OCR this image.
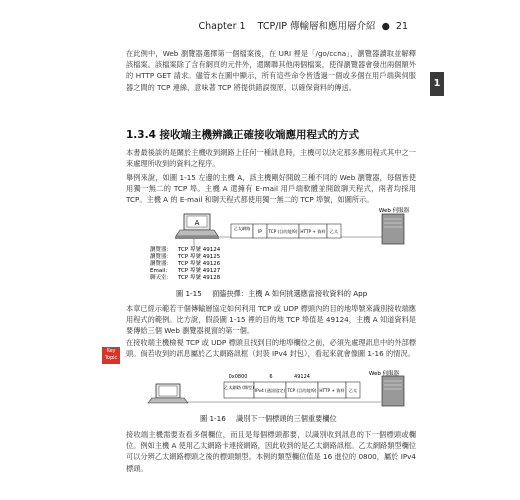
Chapter 1 TCP/IP 傳輸層和應用層介紹  ●  21
1
Key
Topic
在此例中，Web 瀏覽器選擇第一個檔案後，在 URI 裡是「/go/ccna」，瀏覽器讀取並解釋該檔案。該檔案除了含有網頁的元件外，還關聯其他兩個檔案，使得瀏覽器會發出兩個額外的 HTTP GET 請求。儘管未在圖中顯示，所有這些命令皆透過一個或多個在用戶端與伺服器之間的 TCP 連線，意味著 TCP 將提供錯誤復原，以確保資料的傳送。
1.3.4 接收端主機辨識正確接收端應用程式的方式
本書最後談的是關於主機收到網路上任何一種訊息時，主機可以決定那多應用程式其中之一來處理所收到的資料之程序。
舉例來說，如圖 1-15 左邊的主機 A，該主機剛好開啟三種不同的 Web 瀏覽器，每個皆使用獨一無二的 TCP 埠。主機 A 還擁有 E-mail 用戶端軟體並開啟聊天程式，兩者均採用 TCP。主機 A 的 E-mail 和聊天程式都使用獨一無二的 TCP 埠號，如圖所示。
A
乙太網路
IP TCP (目的地埠) HTTP + 資料 乙太
Web 伺服器
瀏覽器： TCP 埠號 49124
瀏覽器： TCP 埠號 49125
瀏覽器： TCP 埠號 49126
Email： TCP 埠號 49127
聊天室： TCP 埠號 49128
圖 1-15 面臨抉擇：主機 A 如何挑選應當接收資料的 App
本章已經示範若干個傳輸層協定如何利用 TCP 或 UDP 標頭內的目的地埠號來識別接收端應用程式的範例。比方說，假設圖 1-15 裡的目的地 TCP 埠值是 49124，主機 A 知道資料是要傳給三個 Web 瀏覽器視窗的第一個。
在接收端主機檢視 TCP 或 UDP 標頭且找到目的地埠欄位之前，必須先處理訊息中的外部標頭。倘若收到的訊息屬於乙太網路訊框（封裝 IPv4 封包），看起來就會像圖 1-16 的情況。
0x0800	6	49124
乙太網路 (類型)
IPv4 (通訊協定) TCP (目的地埠) HTTP + 資料 乙太
Web 伺服器
圖 1-16 識別下一個標頭的三個重要欄位
接收端主機需要查看多個欄位，而且是每個標頭都要，以識別收到訊息的下一個標頭或欄位。例如主機 A 使用乙太網路卡連接網路，因此收到的是乙太網路訊框。乙太網路類型欄位可以分辨乙太網路標頭之後的標頭類型。本例的類型欄位值是 16 進位的 0800，屬於 IPv4 標頭。
